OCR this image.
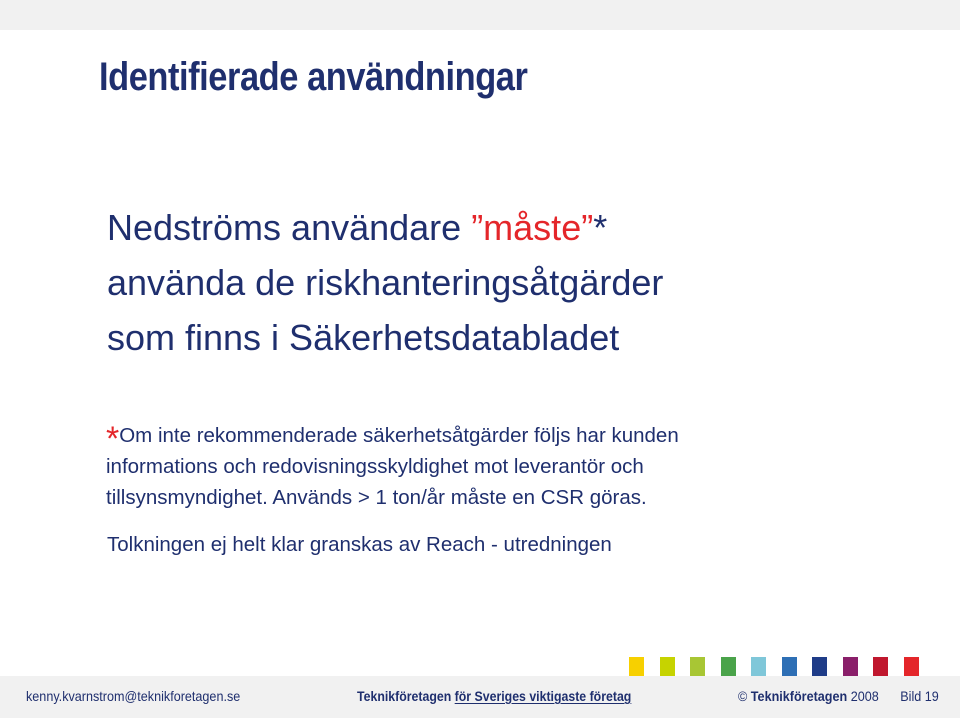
Identifierade användningar
Nedströms användare ”måste”*
använda de riskhanteringsåtgärder
som finns i Säkerhetsdatabladet
*Om inte rekommenderade säkerhetsåtgärder följs har kunden
informations och redovisningsskyldighet mot leverantör och
tillsynsmyndighet. Används > 1 ton/år måste en CSR göras.
Tolkningen ej helt klar granskas av Reach - utredningen
kenny.kvarnstrom@teknikforetagen.se	Teknikföretagen för Sveriges viktigaste företag	© Teknikföretagen 2008 Bild 19
